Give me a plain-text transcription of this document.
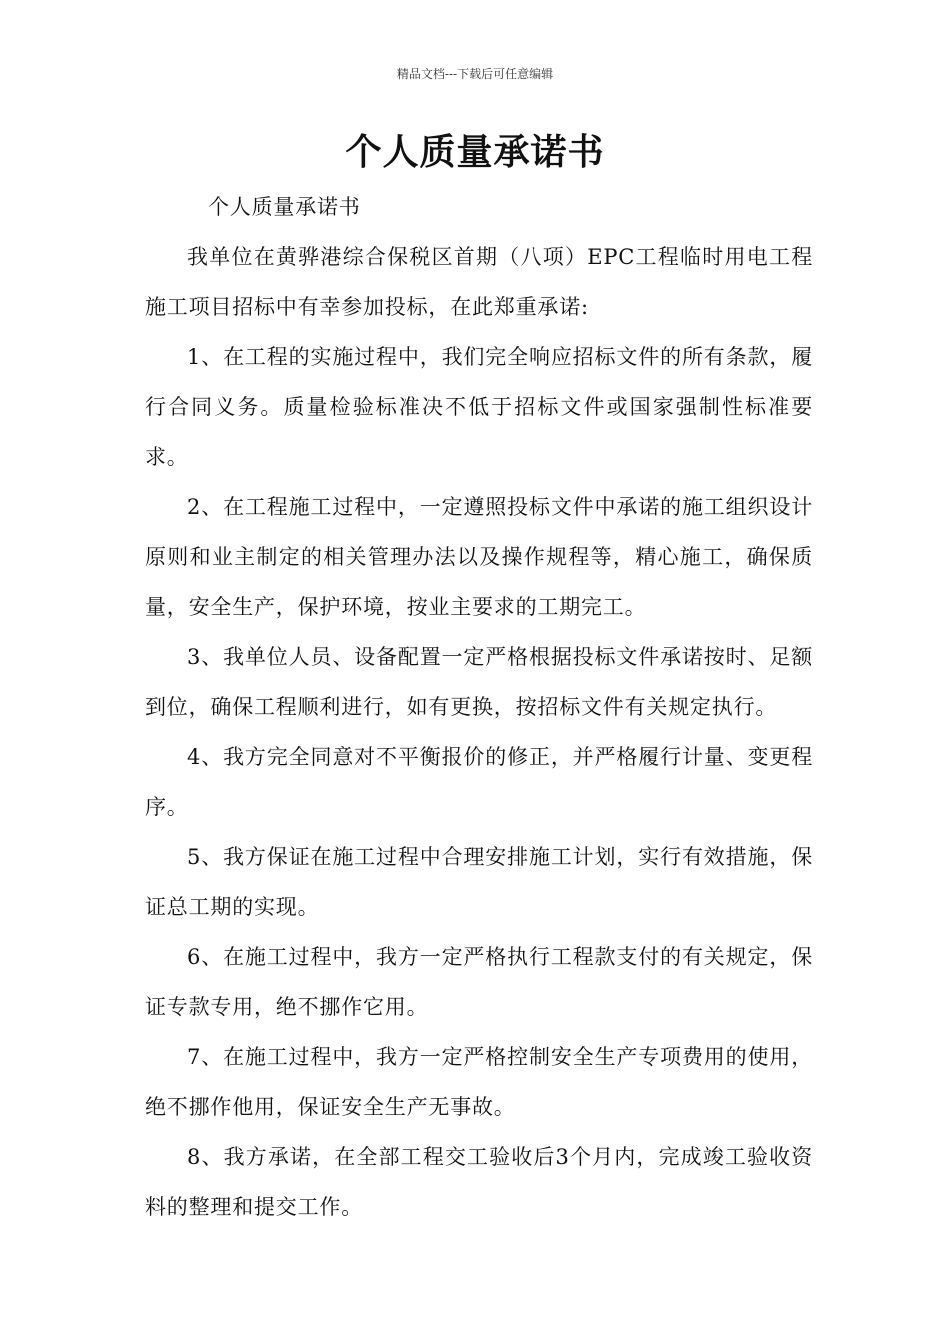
精品文档---下载后可任意编辑
个人质量承诺书

个人质量承诺书

我单位在黄骅港综合保税区首期（八项）EPC工程临时用电工程施工项目招标中有幸参加投标，在此郑重承诺:

1、在工程的实施过程中，我们完全响应招标文件的所有条款，履行合同义务。质量检验标准决不低于招标文件或国家强制性标准要求。

2、在工程施工过程中，一定遵照投标文件中承诺的施工组织设计原则和业主制定的相关管理办法以及操作规程等，精心施工，确保质量，安全生产，保护环境，按业主要求的工期完工。

3、我单位人员、设备配置一定严格根据投标文件承诺按时、足额到位，确保工程顺利进行，如有更换，按招标文件有关规定执行。

4、我方完全同意对不平衡报价的修正，并严格履行计量、变更程序。

5、我方保证在施工过程中合理安排施工计划，实行有效措施，保证总工期的实现。

6、在施工过程中，我方一定严格执行工程款支付的有关规定，保证专款专用，绝不挪作它用。

7、在施工过程中，我方一定严格控制安全生产专项费用的使用，绝不挪作他用，保证安全生产无事故。

8、我方承诺，在全部工程交工验收后3个月内，完成竣工验收资料的整理和提交工作。
